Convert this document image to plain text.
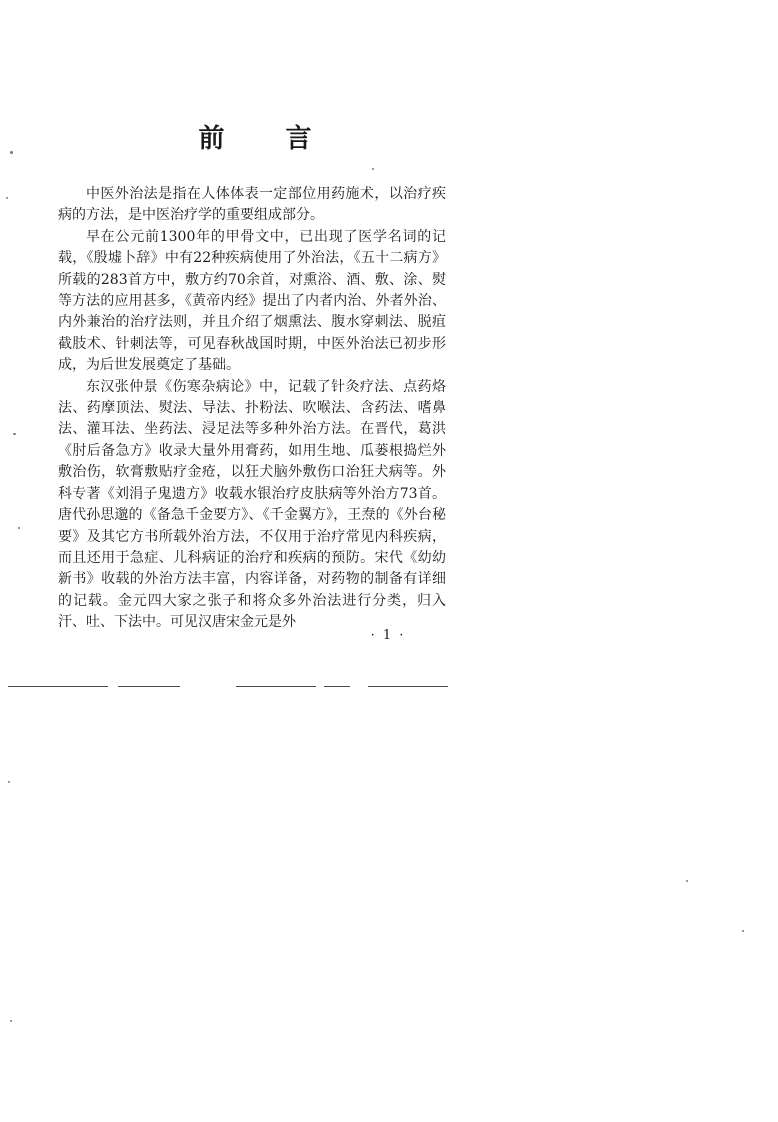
前 言

中医外治法是指在人体体表一定部位用药施术，以治疗疾病的方法，是中医治疗学的重要组成部分。

早在公元前1300年的甲骨文中，已出现了医学名词的记载，《殷墟卜辞》中有22种疾病使用了外治法，《五十二病方》所载的283首方中，敷方约70余首，对熏浴、酒、敷、涂、熨等方法的应用甚多，《黄帝内经》提出了内者内治、外者外治、内外兼治的治疗法则，并且介绍了烟熏法、腹水穿刺法、脱疽截肢术、针刺法等，可见春秋战国时期，中医外治法已初步形成，为后世发展奠定了基础。

东汉张仲景《伤寒杂病论》中，记载了针灸疗法、点药烙法、药摩顶法、熨法、导法、扑粉法、吹喉法、含药法、嗜鼻法、灌耳法、坐药法、浸足法等多种外治方法。在晋代，葛洪《肘后备急方》收录大量外用膏药，如用生地、瓜蒌根捣烂外敷治伤，软膏敷贴疗金疮，以狂犬脑外敷伤口治狂犬病等。外科专著《刘涓子鬼遗方》收载水银治疗皮肤病等外治方73首。唐代孙思邈的《备急千金要方》、《千金翼方》，王焘的《外台秘要》及其它方书所载外治方法，不仅用于治疗常见内科疾病，而且还用于急症、儿科病证的治疗和疾病的预防。宋代《幼幼新书》收载的外治方法丰富，内容详备，对药物的制备有详细的记载。金元四大家之张子和将众多外治法进行分类，归入汗、吐、下法中。可见汉唐宋金元是外

· 1 ·
